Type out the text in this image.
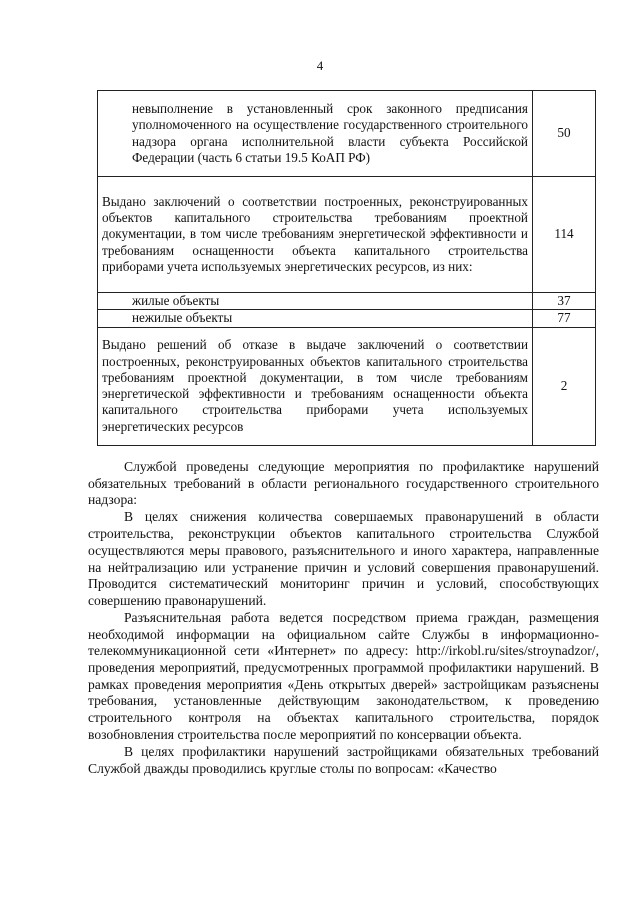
4
невыполнение в установленный срок законного предписания уполномоченного на осуществление государственного строительного надзора органа исполнительной власти субъекта Российской Федерации (часть 6 статьи 19.5 КоАП РФ)	50
Выдано заключений о соответствии построенных, реконструированных объектов капитального строительства требованиям проектной документации, в том числе требованиям энергетической эффективности и требованиям оснащенности объекта капитального строительства приборами учета используемых энергетических ресурсов, из них:	114
жилые объекты	37
нежилые объекты	77
Выдано решений об отказе в выдаче заключений о соответствии построенных, реконструированных объектов капитального строительства требованиям проектной документации, в том числе требованиям энергетической эффективности и требованиям оснащенности объекта капитального строительства приборами учета используемых энергетических ресурсов	2

Службой проведены следующие мероприятия по профилактике нарушений обязательных требований в области регионального государственного строительного надзора:

В целях снижения количества совершаемых правонарушений в области строительства, реконструкции объектов капитального строительства Службой осуществляются меры правового, разъяснительного и иного характера, направленные на нейтрализацию или устранение причин и условий совершения правонарушений. Проводится систематический мониторинг причин и условий, способствующих совершению правонарушений.

Разъяснительная работа ведется посредством приема граждан, размещения необходимой информации на официальном сайте Службы в информационно-телекоммуникационной сети «Интернет» по адресу: http://irkobl.ru/sites/stroynadzor/, проведения мероприятий, предусмотренных программой профилактики нарушений. В рамках проведения мероприятия «День открытых дверей» застройщикам разъяснены требования, установленные действующим законодательством, к проведению строительного контроля на объектах капитального строительства, порядок возобновления строительства после мероприятий по консервации объекта.

В целях профилактики нарушений застройщиками обязательных требований Службой дважды проводились круглые столы по вопросам: «Качество
